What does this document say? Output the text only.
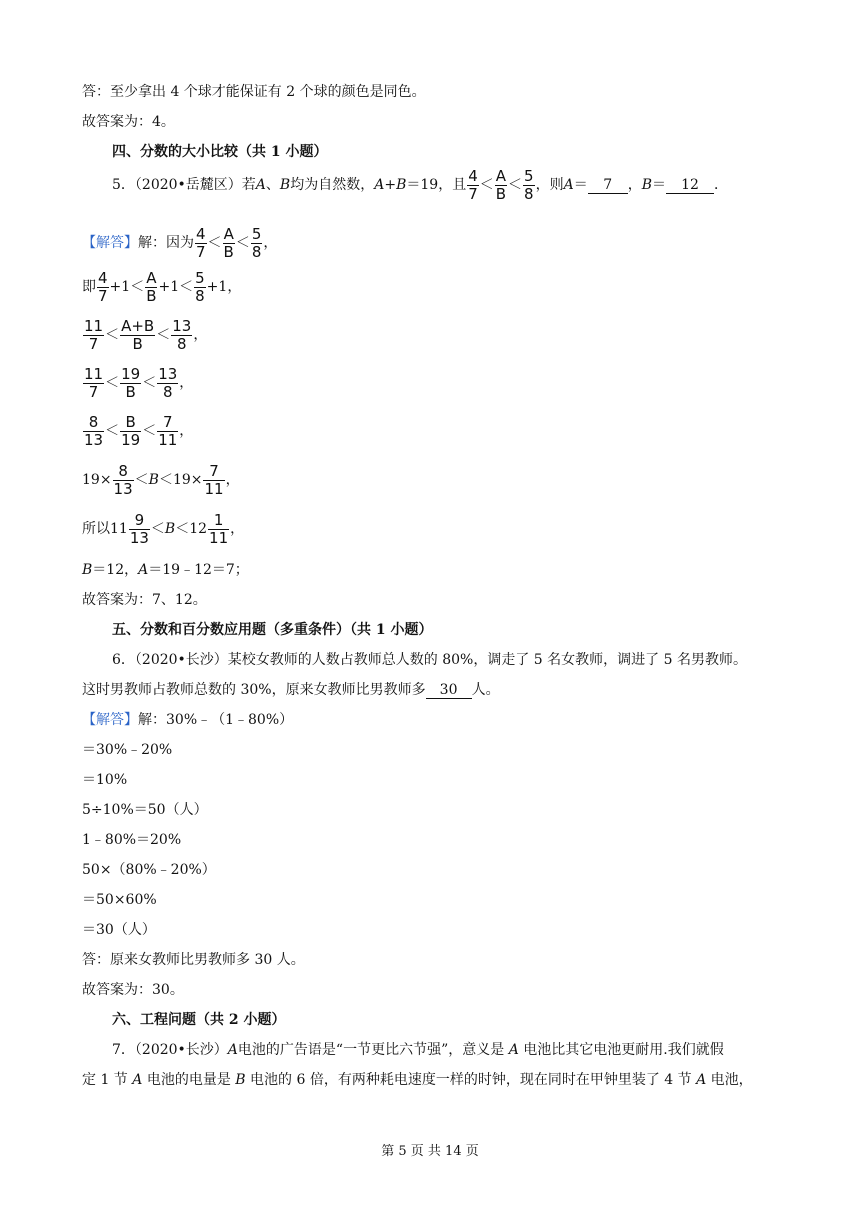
答：至少拿出 4 个球才能保证有 2 个球的颜色是同色。
故答案为：4。
四、分数的大小比较（共 1 小题）
5．（2020•岳麓区）若 A 、 B 均为自然数， A + B ＝19，且 $\frac{4}{7} < \frac{A}{B} < \frac{5}{8}$ ，则 A ＝	7	， B ＝	12	．
【解答】 解：因为 $\frac{4}{7} < \frac{A}{B} < \frac{5}{8}$ ，
即 $\frac{4}{7} +1 < \frac{A}{B} +1 < \frac{5}{8} +1$ ，
$\frac{11}{7} < \frac{A+B}{B} < \frac{13}{8}$ ，
$\frac{11}{7} < \frac{19}{B} < \frac{13}{8}$ ，
$\frac{8}{13} < \frac{B}{19} < \frac{7}{11}$ ，
$19\times \frac{8}{13} < B < 19\times \frac{7}{11}$ ，
所以 $11 \frac{9}{13} < B < 12 \frac{1}{11}$ ，
B＝12，A＝19﹣12＝7；
故答案为：7、12。
五、分数和百分数应用题（多重条件）（共 1 小题）
6．（2020•长沙）某校女教师的人数占教师总人数的 80%，调走了 5 名女教师，调进了 5 名男教师。
这时男教师占教师总数的 30%，原来女教师比男教师多 30 人。
【解答】解：30%﹣（1﹣80%）
＝30%﹣20%
＝10%
5÷10%＝50（人）
1﹣80%＝20%
50×（80%﹣20%）
＝50×60%
＝30（人）
答：原来女教师比男教师多 30 人。
故答案为：30。
六、工程问题（共 2 小题）
7．（2020•长沙）A电池的广告语是“一节更比六节强”，意义是 A 电池比其它电池更耐用.我们就假
定 1 节 A 电池的电量是 B 电池的 6 倍，有两种耗电速度一样的时钟，现在同时在甲钟里装了 4 节 A 电池，
第 5 页 共 14 页
